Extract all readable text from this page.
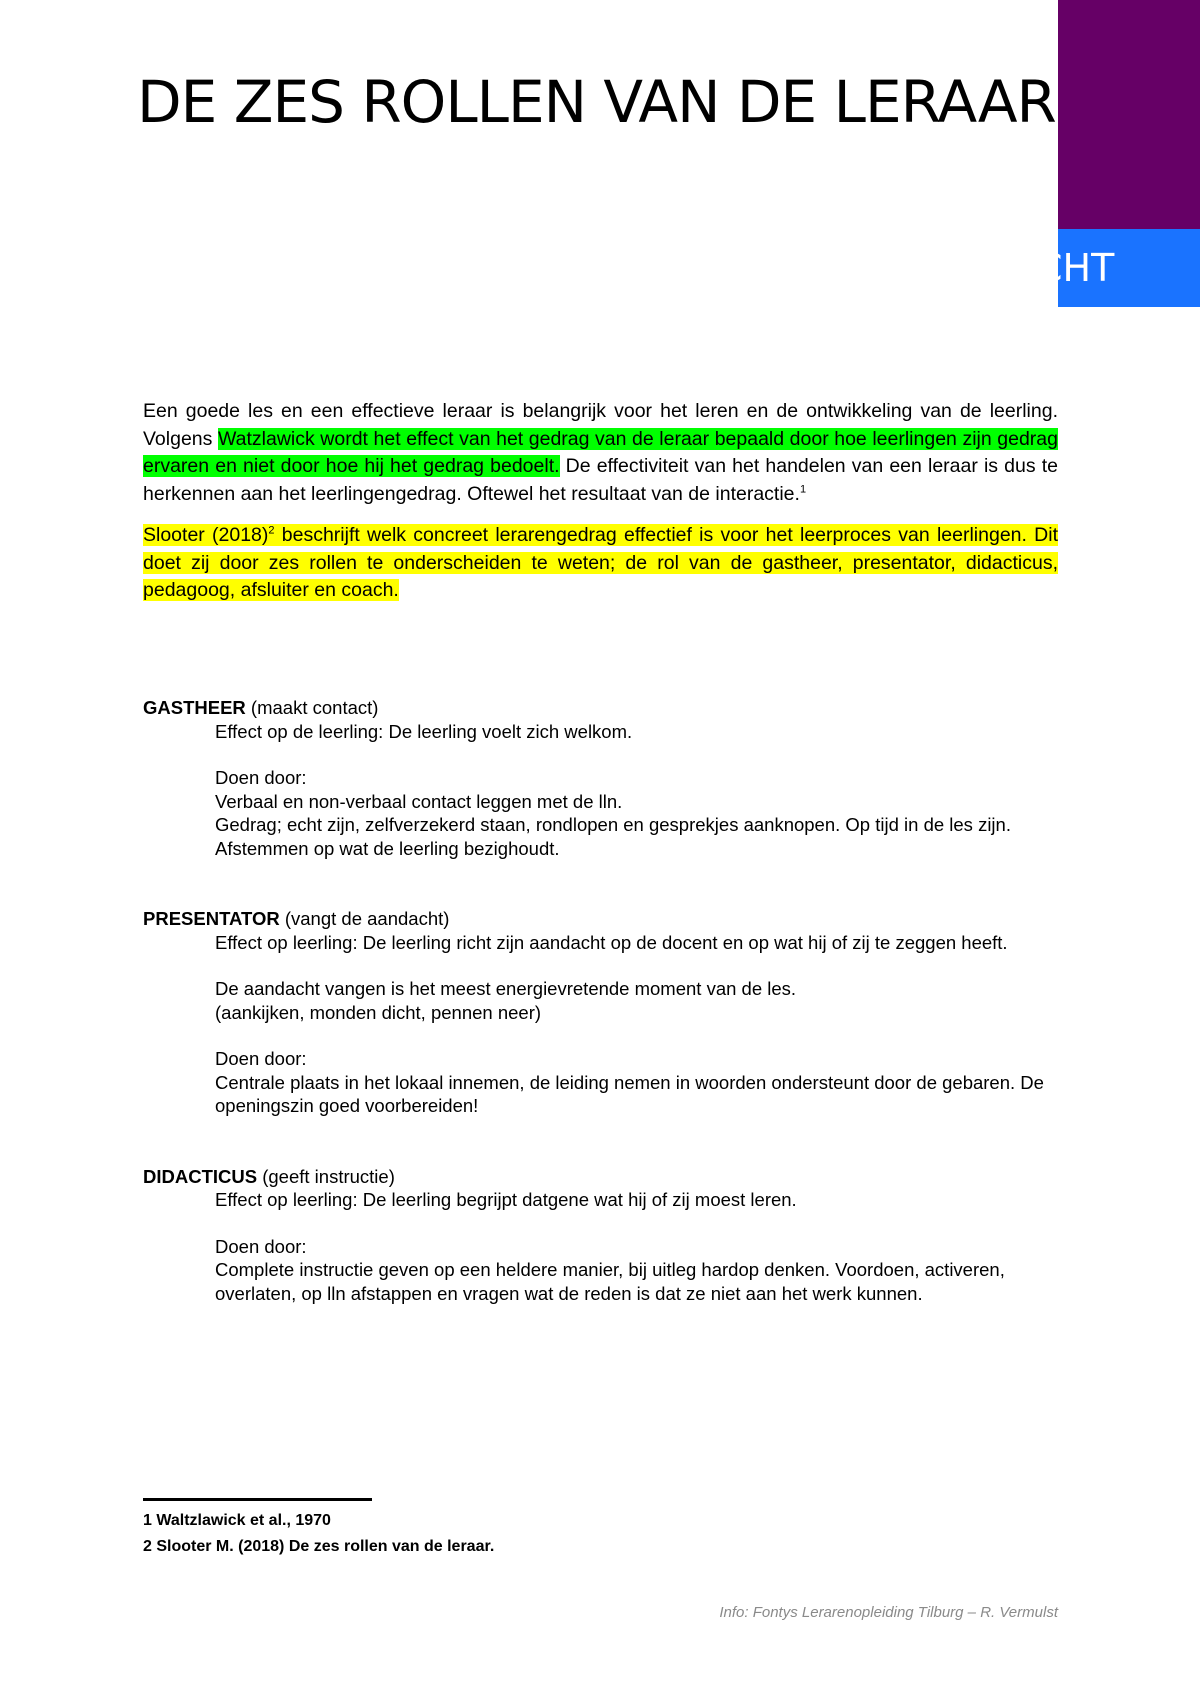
CHT
DE ZES ROLLEN VAN DE LERAAR

Een goede les en een effectieve leraar is belangrijk voor het leren en de ontwikkeling van de leerling. Volgens Watzlawick wordt het effect van het gedrag van de leraar bepaald door hoe leerlingen zijn gedrag ervaren en niet door hoe hij het gedrag bedoelt. De effectiviteit van het handelen van een leraar is dus te herkennen aan het leerlingengedrag. Oftewel het resultaat van de interactie.$^1$

Slooter $(2018)^2$ beschrijft welk concreet lerarengedrag effectief is voor het leerproces van leerlingen. Dit doet zij door zes rollen te onderscheiden te weten; de rol van de gastheer, presentator, didacticus, pedagoog, afsluiter en coach.

GASTHEER (maakt contact)

Effect op de leerling: De leerling voelt zich welkom.

Doen door:
Verbaal en non-verbaal contact leggen met de lln.
Gedrag; echt zijn, zelfverzekerd staan, rondlopen en gesprekjes aanknopen. Op tijd in de les zijn. Afstemmen op wat de leerling bezighoudt.

PRESENTATOR (vangt de aandacht)

Effect op leerling: De leerling richt zijn aandacht op de docent en op wat hij of zij te zeggen heeft.

De aandacht vangen is het meest energievretende moment van de les.
(aankijken, monden dicht, pennen neer)

Doen door:
Centrale plaats in het lokaal innemen, de leiding nemen in woorden ondersteunt door de gebaren. De openingszin goed voorbereiden!

DIDACTICUS (geeft instructie)

Effect op leerling: De leerling begrijpt datgene wat hij of zij moest leren.

Doen door:
Complete instructie geven op een heldere manier, bij uitleg hardop denken. Voordoen, activeren, overlaten, op lln afstappen en vragen wat de reden is dat ze niet aan het werk kunnen.

1 Waltzlawick et al., 1970
2 Slooter M. (2018) De zes rollen van de leraar.
Info: Fontys Lerarenopleiding Tilburg – R. Vermulst
